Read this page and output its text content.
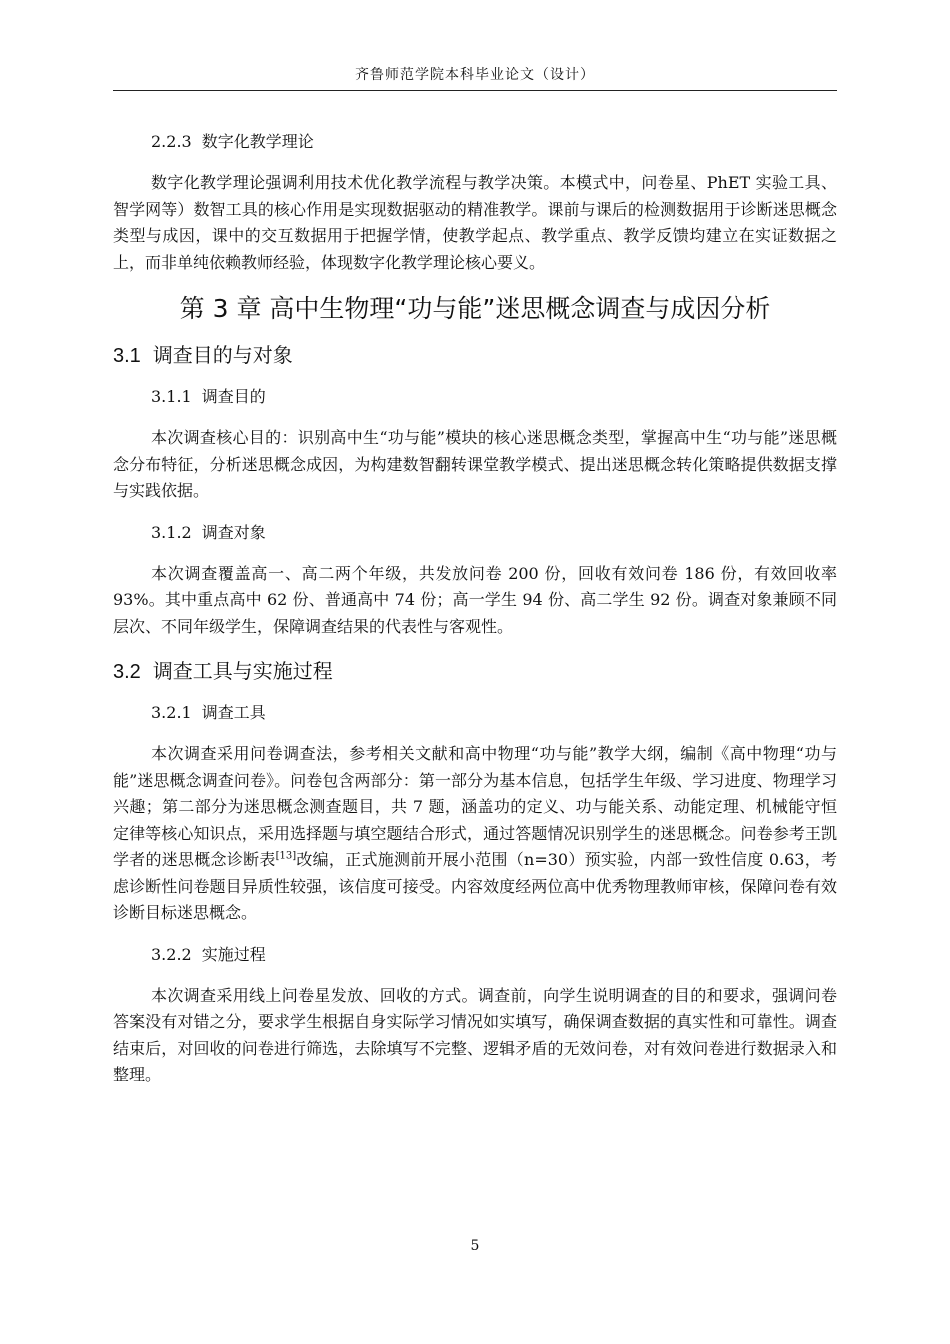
齐鲁师范学院本科毕业论文（设计）
2.2.3 数字化教学理论

数字化教学理论强调利用技术优化教学流程与教学决策。本模式中，问卷星、PhET 实验工具、智学网等）数智工具的核心作用是实现数据驱动的精准教学。课前与课后的检测数据用于诊断迷思概念类型与成因，课中的交互数据用于把握学情，使教学起点、教学重点、教学反馈均建立在实证数据之上，而非单纯依赖教师经验，体现数字化教学理论核心要义。

第 3 章 高中生物理“功与能”迷思概念调查与成因分析
3.1 调查目的与对象
3.1.1 调查目的

本次调查核心目的：识别高中生“功与能”模块的核心迷思概念类型，掌握高中生“功与能”迷思概念分布特征，分析迷思概念成因，为构建数智翻转课堂教学模式、提出迷思概念转化策略提供数据支撑与实践依据。

3.1.2 调查对象

本次调查覆盖高一、高二两个年级，共发放问卷 200 份，回收有效问卷 186 份，有效回收率 93%。其中重点高中 62 份、普通高中 74 份；高一学生 94 份、高二学生 92 份。调查对象兼顾不同层次、不同年级学生，保障调查结果的代表性与客观性。

3.2 调查工具与实施过程
3.2.1 调查工具

本次调查采用问卷调查法，参考相关文献和高中物理“功与能”教学大纲，编制《高中物理“功与能”迷思概念调查问卷》。问卷包含两部分：第一部分为基本信息，包括学生年级、学习进度、物理学习兴趣；第二部分为迷思概念测查题目，共 7 题，涵盖功的定义、功与能关系、动能定理、机械能守恒定律等核心知识点，采用选择题与填空题结合形式，通过答题情况识别学生的迷思概念。问卷参考王凯学者的迷思概念诊断表[13]改编，正式施测前开展小范围（n=30）预实验，内部一致性信度 0.63，考虑诊断性问卷题目异质性较强，该信度可接受。内容效度经两位高中优秀物理教师审核，保障问卷有效诊断目标迷思概念。

3.2.2 实施过程

本次调查采用线上问卷星发放、回收的方式。调查前，向学生说明调查的目的和要求，强调问卷答案没有对错之分，要求学生根据自身实际学习情况如实填写，确保调查数据的真实性和可靠性。调查结束后，对回收的问卷进行筛选，去除填写不完整、逻辑矛盾的无效问卷，对有效问卷进行数据录入和整理。

5
